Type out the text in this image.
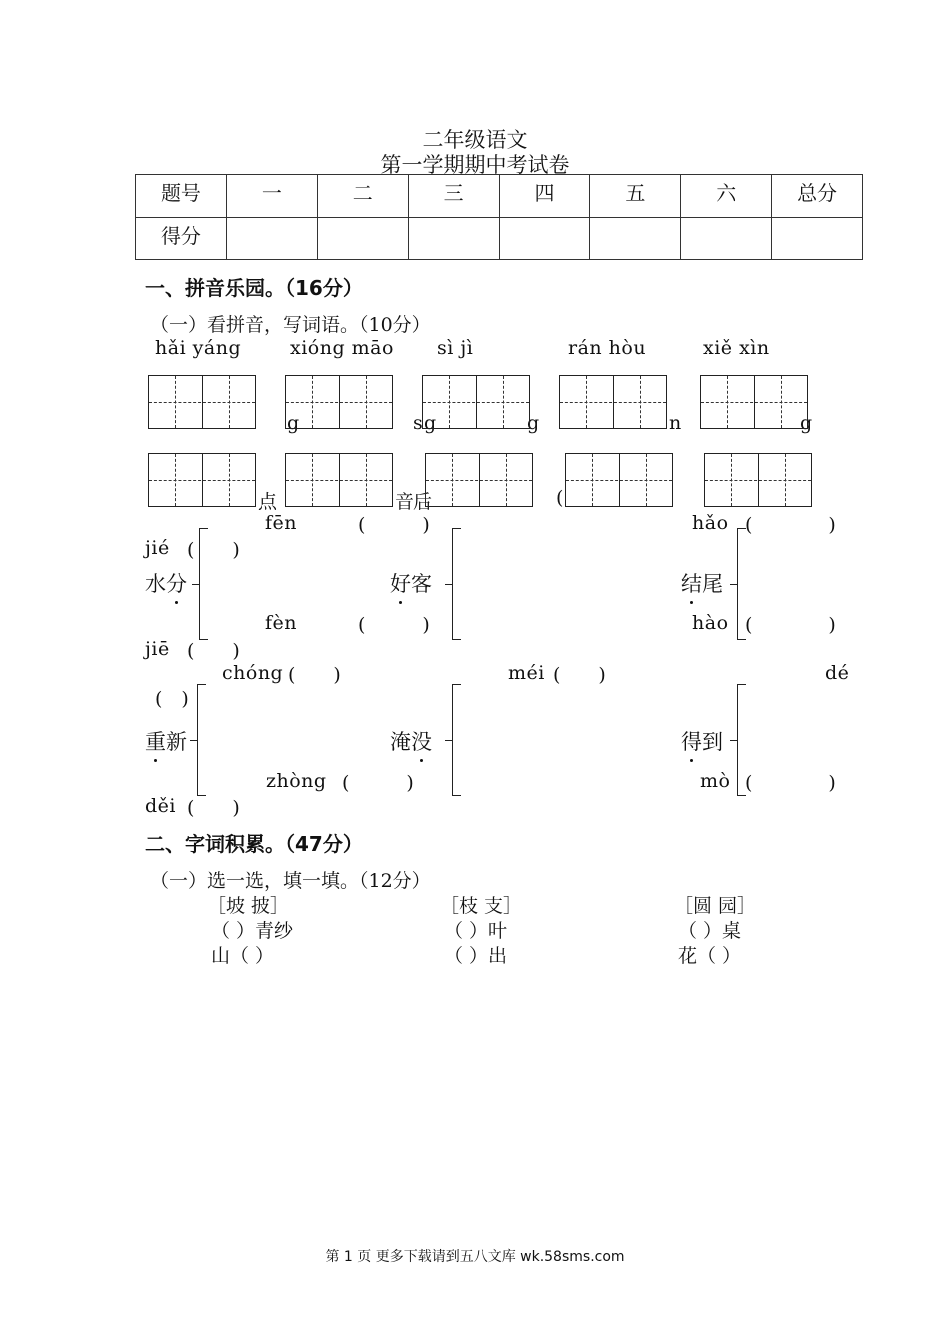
二年级语文
第一学期期中考试卷
题号	一	二	三	四	五	六	总分
得分							
一、拼音乐园。（16分）
（一）看拼音，写词语。（10分）
hǎi yáng	xióng māo sì jì	rán hòu	xiě xìn
g	s g	g	n	g
点	音
后	(
fēn	(　　　)
fèn	(　　　)
水分
hǎo (　　　　)
hào (　　　　)
好客
jié (　　)
jiē (　　)
结尾
chóng (　　)
zhòng (　　　)
重新
(　)
méi (　　)
mò (　　　　)
淹没
dé
děi (　　)
得到
二、字词积累。（47分）
（一）选一选，填一填。（12分）
［坡 披］
（ ）青纱
山（ ）
［枝 支］
（ ）叶
（ ）出
［圆 园］
（ ）桌
花（ ）
第 1 页 更多下载请到五八文库 wk.58sms.com
